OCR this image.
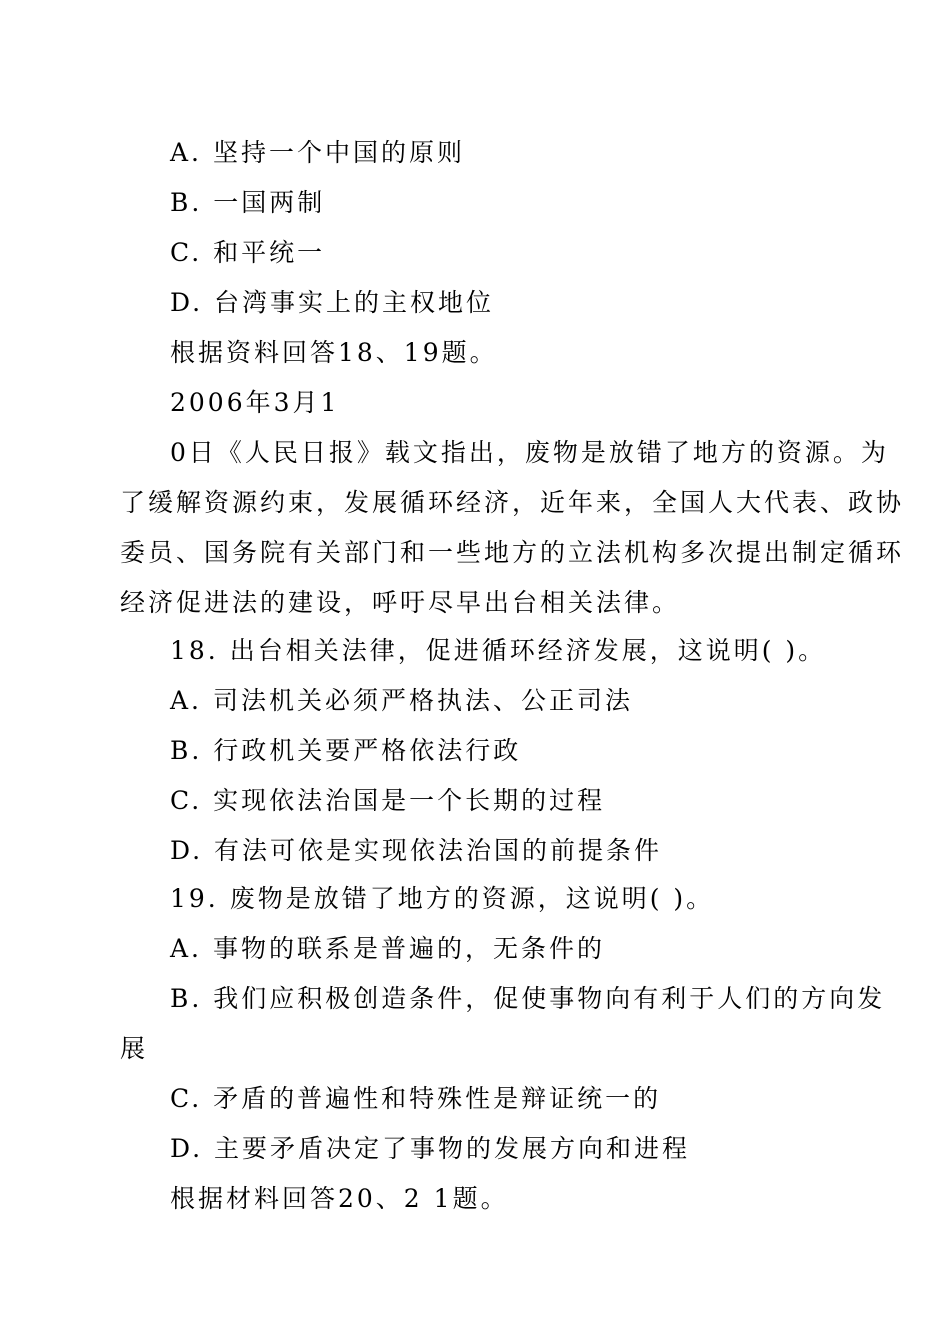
A. 坚持一个中国的原则
B. 一国两制
C. 和平统一
D. 台湾事实上的主权地位
根据资料回答18、19题。
2006年3月1
0日《人民日报》载文指出，废物是放错了地方的资源。为
了缓解资源约束，发展循环经济，近年来，全国人大代表、政协
委员、国务院有关部门和一些地方的立法机构多次提出制定循环
经济促进法的建设，呼吁尽早出台相关法律。
18. 出台相关法律，促进循环经济发展，这说明( )。
A. 司法机关必须严格执法、公正司法
B. 行政机关要严格依法行政
C. 实现依法治国是一个长期的过程
D. 有法可依是实现依法治国的前提条件
19. 废物是放错了地方的资源，这说明( )。
A. 事物的联系是普遍的，无条件的
B. 我们应积极创造条件，促使事物向有利于人们的方向发
展
C. 矛盾的普遍性和特殊性是辩证统一的
D. 主要矛盾决定了事物的发展方向和进程
根据材料回答20、2 1题。
